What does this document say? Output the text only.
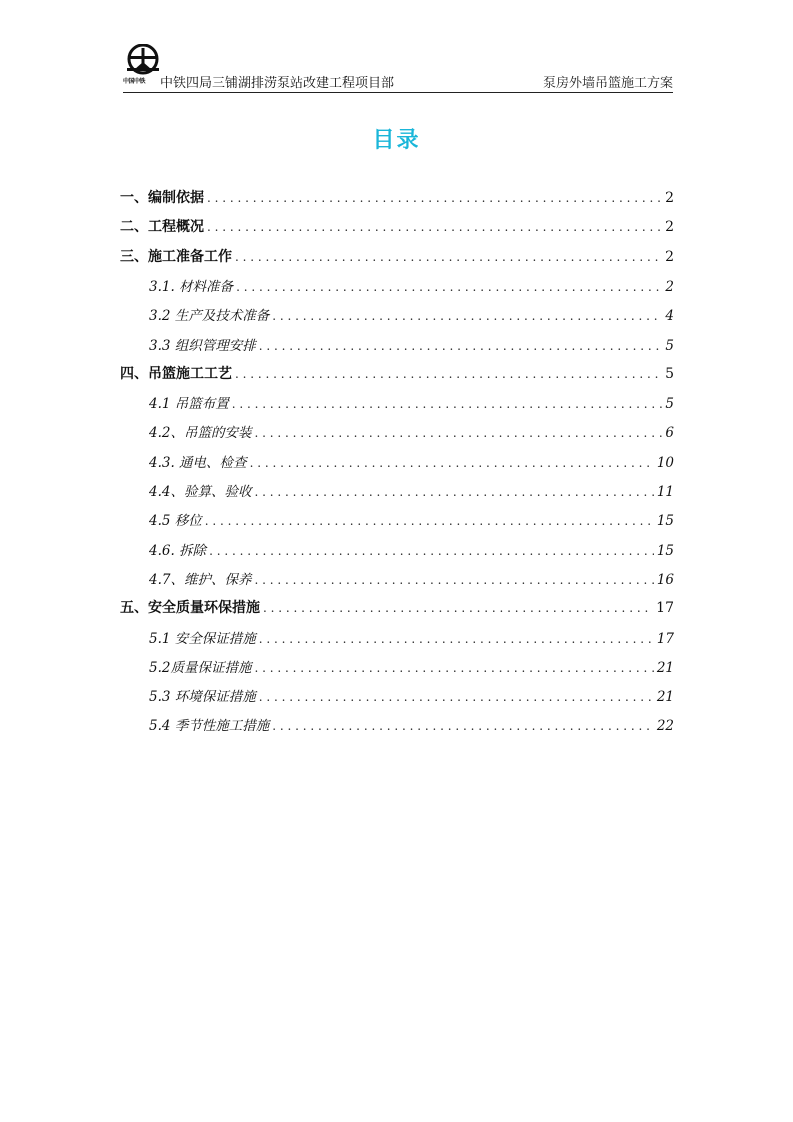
中国中铁 中铁四局三铺湖排涝泵站改建工程项目部	泵房外墙吊篮施工方案
目录
一、编制依据 . . .	2
二、工程概况 . . .	2
三、施工准备工作 . . .	2
3.1. 材料准备 . . .	2
3.2 生产及技术准备 . . .	4
3.3 组织管理安排 . . .	5
四、吊篮施工工艺 . . .	5
4.1 吊篮布置 . . .	5
4.2、吊篮的安装 . . .	6
4.3. 通电、检查 . . .	10
4.4、验算、验收 . . .	11
4.5 移位 . . .	15
4.6. 拆除 . . .	15
4.7、维护、保养 . . .	16
五、安全质量环保措施 . . .	17
5.1 安全保证措施 . . .	17
5.2质量保证措施 . . .	21
5.3 环境保证措施 . . .	21
5.4 季节性施工措施 . . .	22
